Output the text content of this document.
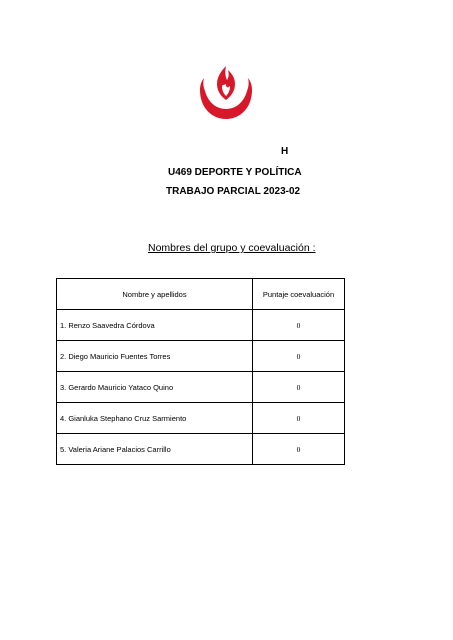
H
U469 DEPORTE Y POLÍTICA
TRABAJO PARCIAL 2023-02
Nombres del grupo y coevaluación :
Nombre y apellidos	Puntaje coevaluación
1. Renzo Saavedra Córdova	0
2. Diego Mauricio Fuentes Torres	0
3. Gerardo Mauricio Yataco Quino	0
4. Gianluka Stephano Cruz Sarmiento	0
5. Valeria Ariane Palacios Carrillo	0
